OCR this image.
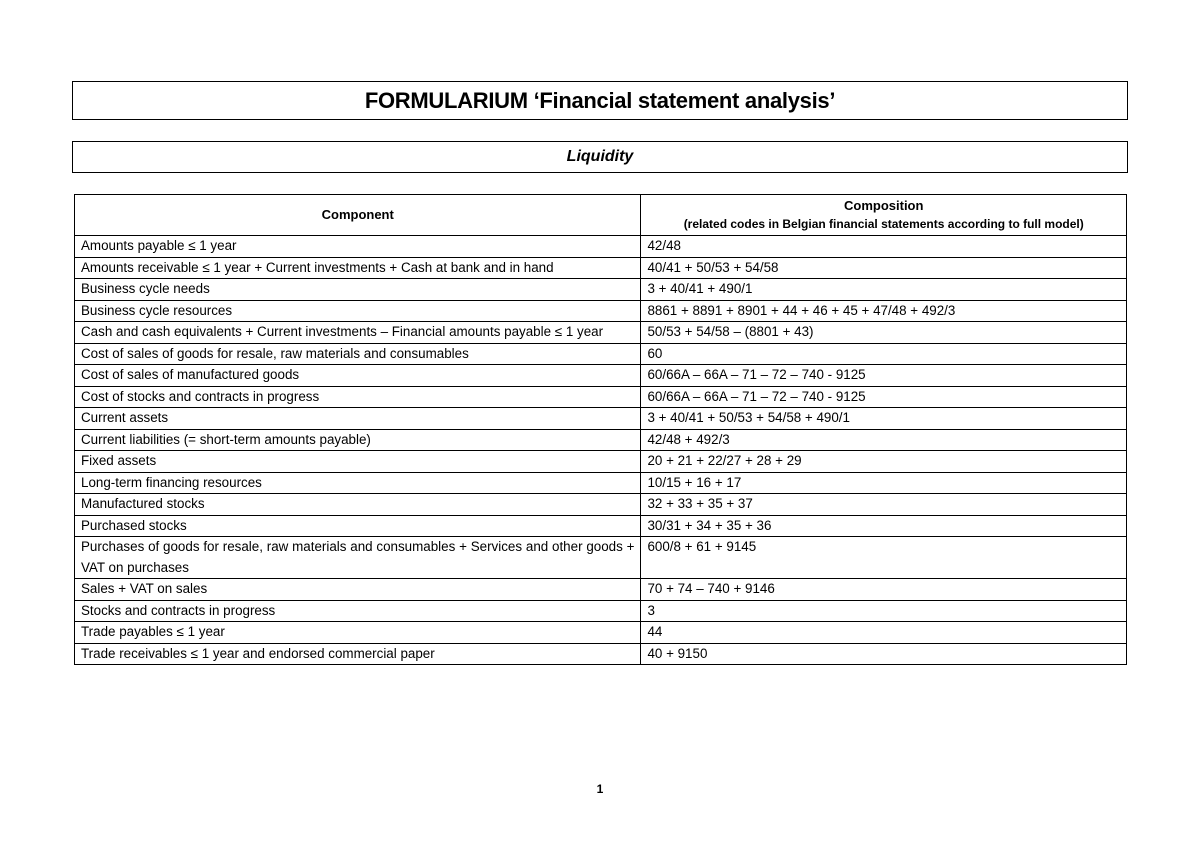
FORMULARIUM ‘Financial statement analysis’
Liquidity
Component	Composition
(related codes in Belgian financial statements according to full model)

Amounts payable ≤ 1 year	42/48
Amounts receivable ≤ 1 year + Current investments + Cash at bank and in hand	40/41 + 50/53 + 54/58
Business cycle needs	3 + 40/41 + 490/1
Business cycle resources	8861 + 8891 + 8901 + 44 + 46 + 45 + 47/48 + 492/3
Cash and cash equivalents + Current investments – Financial amounts payable ≤ 1 year	50/53 + 54/58 – (8801 + 43)
Cost of sales of goods for resale, raw materials and consumables	60
Cost of sales of manufactured goods	60/66A – 66A – 71 – 72 – 740 - 9125
Cost of stocks and contracts in progress	60/66A – 66A – 71 – 72 – 740 - 9125
Current assets	3 + 40/41 + 50/53 + 54/58 + 490/1
Current liabilities (= short-term amounts payable)	42/48 + 492/3
Fixed assets	20 + 21 + 22/27 + 28 + 29
Long-term financing resources	10/15 + 16 + 17
Manufactured stocks	32 + 33 + 35 + 37
Purchased stocks	30/31 + 34 + 35 + 36
Purchases of goods for resale, raw materials and consumables + Services and other goods + VAT on purchases	600/8 + 61 + 9145
Sales + VAT on sales	70 + 74 – 740 + 9146
Stocks and contracts in progress	3
Trade payables ≤ 1 year	44
Trade receivables ≤ 1 year and endorsed commercial paper	40 + 9150
1
